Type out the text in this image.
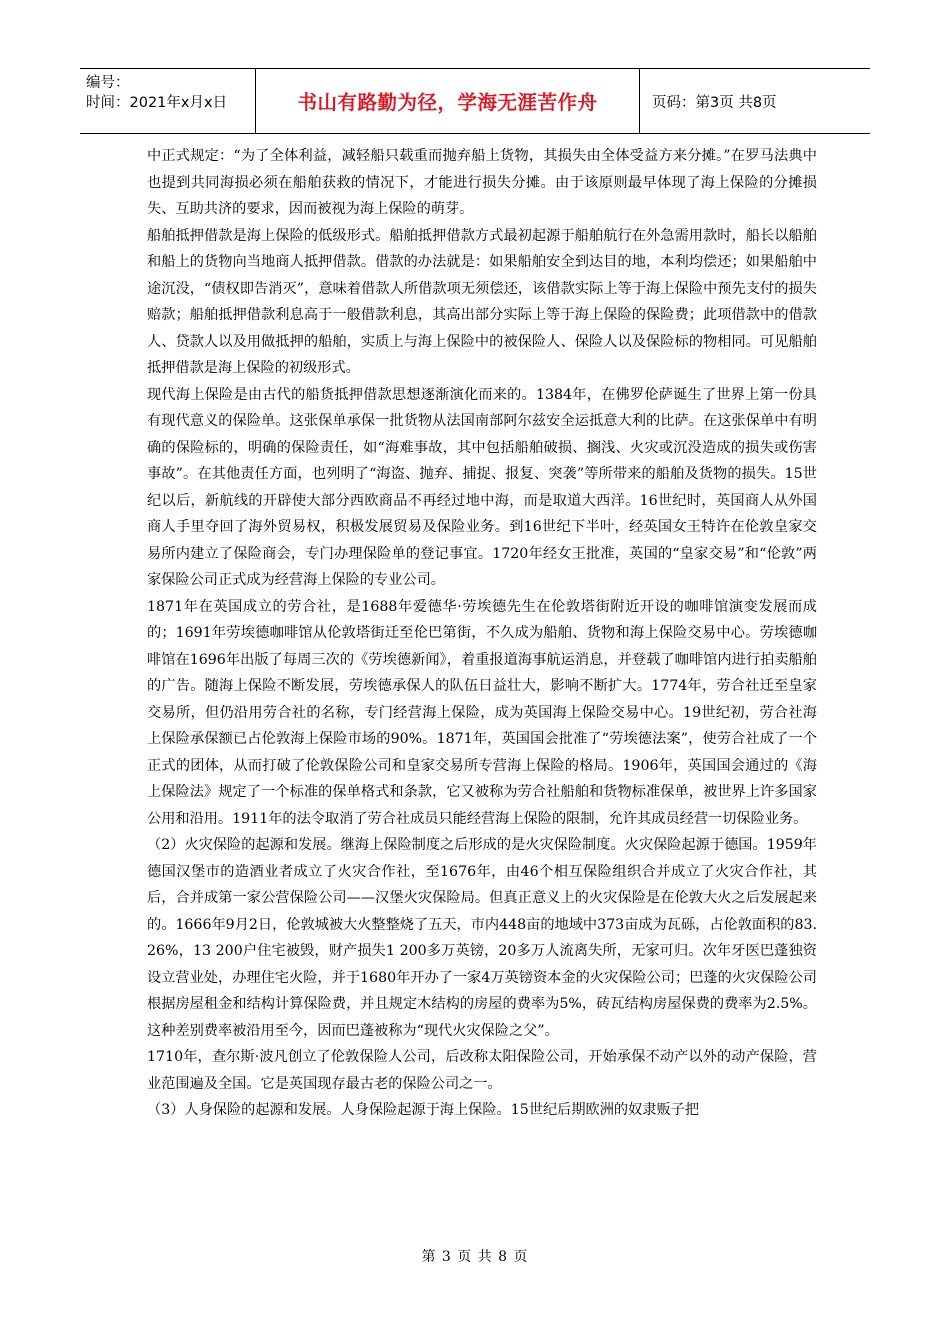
编号：
时间：2021年x月x日	书山有路勤为径，学海无涯苦作舟	页码：第3页 共8页

中正式规定：“为了全体利益，减轻船只载重而抛弃船上货物，其损失由全体受益方来分摊。”在罗马法典中也提到共同海损必须在船舶获救的情况下，才能进行损失分摊。由于该原则最早体现了海上保险的分摊损失、互助共济的要求，因而被视为海上保险的萌芽。

船舶抵押借款是海上保险的低级形式。船舶抵押借款方式最初起源于船舶航行在外急需用款时，船长以船舶和船上的货物向当地商人抵押借款。借款的办法就是：如果船舶安全到达目的地，本利均偿还；如果船舶中途沉没，“债权即告消灭”，意味着借款人所借款项无须偿还，该借款实际上等于海上保险中预先支付的损失赔款；船舶抵押借款利息高于一般借款利息，其高出部分实际上等于海上保险的保险费；此项借款中的借款人、贷款人以及用做抵押的船舶，实质上与海上保险中的被保险人、保险人以及保险标的物相同。可见船舶抵押借款是海上保险的初级形式。

现代海上保险是由古代的船货抵押借款思想逐渐演化而来的。1384年，在佛罗伦萨诞生了世界上第一份具有现代意义的保险单。这张保单承保一批货物从法国南部阿尔兹安全运抵意大利的比萨。在这张保单中有明确的保险标的，明确的保险责任，如“海难事故，其中包括船舶破损、搁浅、火灾或沉没造成的损失或伤害事故”。在其他责任方面，也列明了“海盗、抛弃、捕捉、报复、突袭”等所带来的船舶及货物的损失。15世纪以后，新航线的开辟使大部分西欧商品不再经过地中海，而是取道大西洋。16世纪时，英国商人从外国商人手里夺回了海外贸易权，积极发展贸易及保险业务。到16世纪下半叶，经英国女王特许在伦敦皇家交易所内建立了保险商会，专门办理保险单的登记事宜。1720年经女王批准，英国的“皇家交易”和“伦敦”两家保险公司正式成为经营海上保险的专业公司。

1871年在英国成立的劳合社，是1688年爱德华·劳埃德先生在伦敦塔街附近开设的咖啡馆演变发展而成的；1691年劳埃德咖啡馆从伦敦塔街迁至伦巴第街，不久成为船舶、货物和海上保险交易中心。劳埃德咖啡馆在1696年出版了每周三次的《劳埃德新闻》，着重报道海事航运消息，并登载了咖啡馆内进行拍卖船舶的广告。随海上保险不断发展，劳埃德承保人的队伍日益壮大，影响不断扩大。1774年，劳合社迁至皇家交易所，但仍沿用劳合社的名称，专门经营海上保险，成为英国海上保险交易中心。19世纪初，劳合社海上保险承保额已占伦敦海上保险市场的90%。1871年，英国国会批准了“劳埃德法案”，使劳合社成了一个正式的团体，从而打破了伦敦保险公司和皇家交易所专营海上保险的格局。1906年，英国国会通过的《海上保险法》规定了一个标准的保单格式和条款，它又被称为劳合社船舶和货物标准保单，被世界上许多国家公用和沿用。1911年的法令取消了劳合社成员只能经营海上保险的限制，允许其成员经营一切保险业务。

（2）火灾保险的起源和发展。继海上保险制度之后形成的是火灾保险制度。火灾保险起源于德国。1959年德国汉堡市的造酒业者成立了火灾合作社，至1676年，由46个相互保险组织合并成立了火灾合作社，其后，合并成第一家公营保险公司——汉堡火灾保险局。但真正意义上的火灾保险是在伦敦大火之后发展起来的。1666年9月2日，伦敦城被大火整整烧了五天，市内448亩的地域中373亩成为瓦砾，占伦敦面积的83.26%，13 200户住宅被毁，财产损失1 200多万英镑，20多万人流离失所，无家可归。次年牙医巴蓬独资设立营业处，办理住宅火险，并于1680年开办了一家4万英镑资本金的火灾保险公司；巴蓬的火灾保险公司根据房屋租金和结构计算保险费，并且规定木结构的房屋的费率为5%，砖瓦结构房屋保费的费率为2.5%。这种差别费率被沿用至今，因而巴蓬被称为“现代火灾保险之父”。

1710年，查尔斯·波凡创立了伦敦保险人公司，后改称太阳保险公司，开始承保不动产以外的动产保险，营业范围遍及全国。它是英国现存最古老的保险公司之一。

（3）人身保险的起源和发展。人身保险起源于海上保险。15世纪后期欧洲的奴隶贩子把

第 3 页 共 8 页
